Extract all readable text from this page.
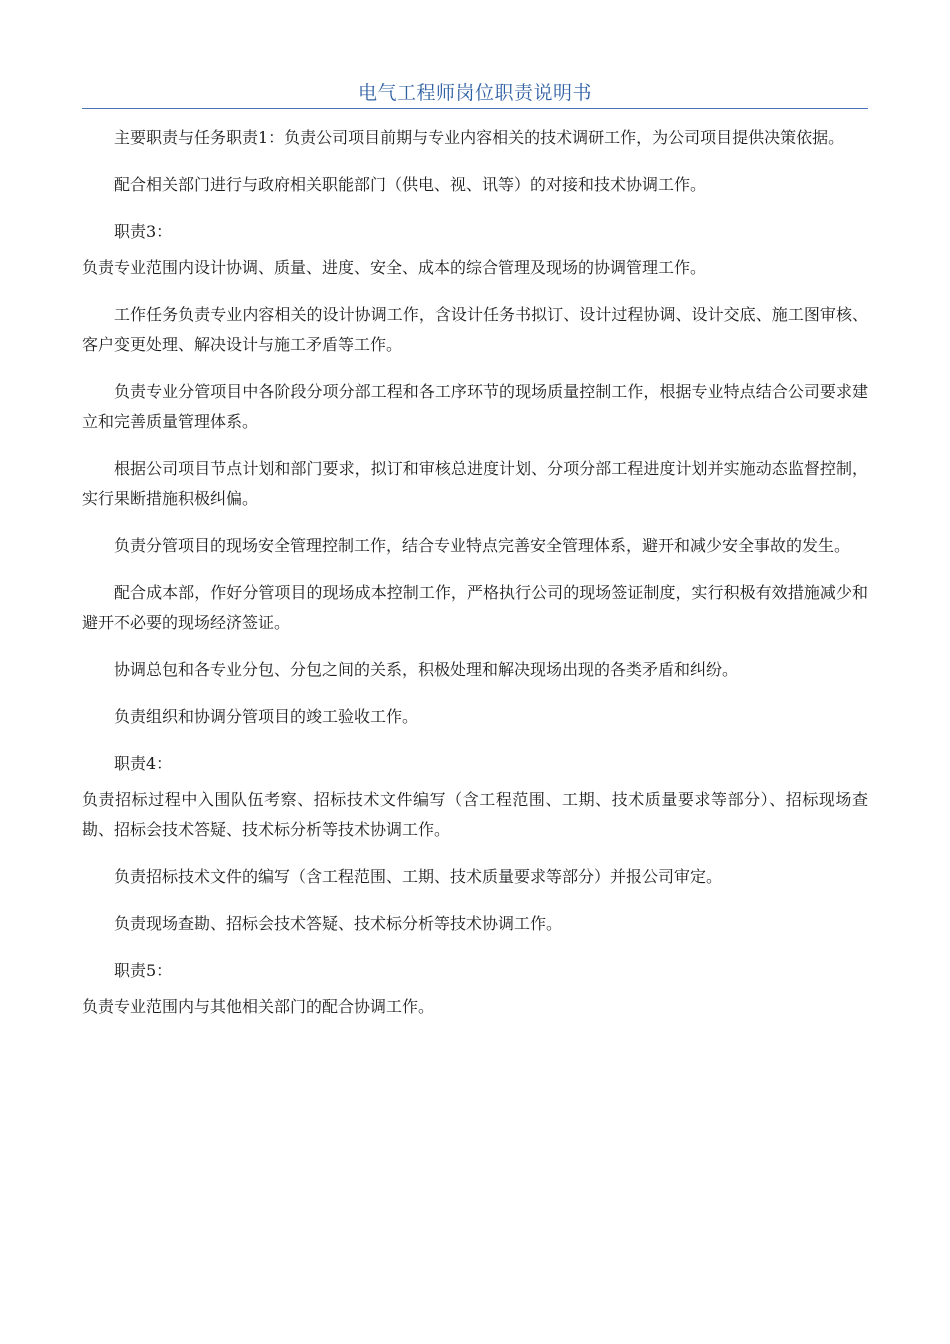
电气工程师岗位职责说明书

主要职责与任务职责1：负责公司项目前期与专业内容相关的技术调研工作，为公司项目提供决策依据。

配合相关部门进行与政府相关职能部门（供电、视、讯等）的对接和技术协调工作。

职责3：

负责专业范围内设计协调、质量、进度、安全、成本的综合管理及现场的协调管理工作。

工作任务负责专业内容相关的设计协调工作，含设计任务书拟订、设计过程协调、设计交底、施工图审核、客户变更处理、解决设计与施工矛盾等工作。

负责专业分管项目中各阶段分项分部工程和各工序环节的现场质量控制工作，根据专业特点结合公司要求建立和完善质量管理体系。

根据公司项目节点计划和部门要求，拟订和审核总进度计划、分项分部工程进度计划并实施动态监督控制，实行果断措施积极纠偏。

负责分管项目的现场安全管理控制工作，结合专业特点完善安全管理体系，避开和减少安全事故的发生。

配合成本部，作好分管项目的现场成本控制工作，严格执行公司的现场签证制度，实行积极有效措施减少和避开不必要的现场经济签证。

协调总包和各专业分包、分包之间的关系，积极处理和解决现场出现的各类矛盾和纠纷。

负责组织和协调分管项目的竣工验收工作。

职责4：

负责招标过程中入围队伍考察、招标技术文件编写（含工程范围、工期、技术质量要求等部分）、招标现场查勘、招标会技术答疑、技术标分析等技术协调工作。

负责招标技术文件的编写（含工程范围、工期、技术质量要求等部分）并报公司审定。

负责现场查勘、招标会技术答疑、技术标分析等技术协调工作。

职责5：

负责专业范围内与其他相关部门的配合协调工作。
